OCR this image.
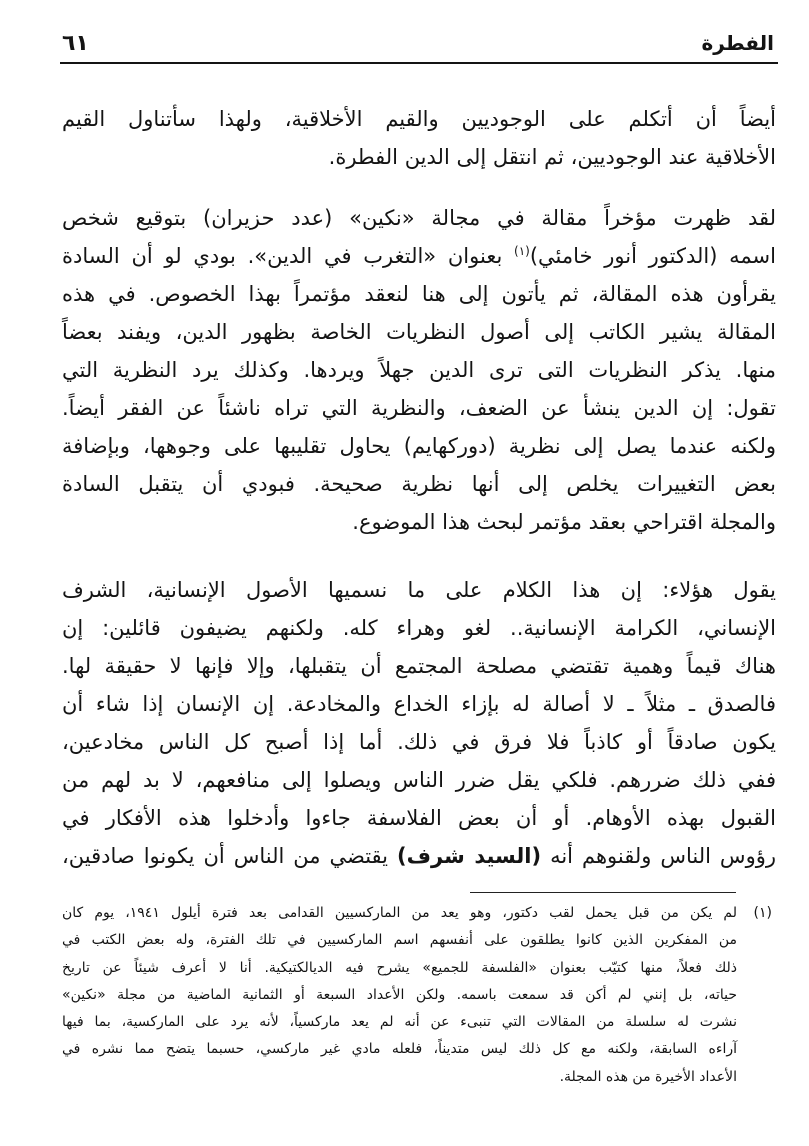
الفطرة
٦١
أيضاً أن أتكلم على الوجوديين والقيم الأخلاقية، ولهذا سأتناول القيم
الأخلاقية عند الوجوديين، ثم انتقل إلى الدين الفطرة.
لقد ظهرت مؤخراً مقالة في مجالة «نكين» (عدد حزيران) بتوقيع شخص
اسمه (الدكتور أنور خامئي)$^{(١)}$ بعنوان «التغرب في الدين». بودي لو أن السادة
يقرأون هذه المقالة، ثم يأتون إلى هنا لنعقد مؤتمراً بهذا الخصوص. في هذه
المقالة يشير الكاتب إلى أصول النظريات الخاصة بظهور الدين، ويفند بعضاً
منها. يذكر النظريات التى ترى الدين جهلاً ويردها. وكذلك يرد النظرية التي
تقول: إن الدين ينشأ عن الضعف، والنظرية التي تراه ناشئاً عن الفقر أيضاً.
ولكنه عندما يصل إلى نظرية (دوركهايم) يحاول تقليبها على وجوهها، وبإضافة
بعض التغييرات يخلص إلى أنها نظرية صحيحة. فبودي أن يتقبل السادة
والمجلة اقتراحي بعقد مؤتمر لبحث هذا الموضوع.
يقول هؤلاء: إن هذا الكلام على ما نسميها الأصول الإنسانية، الشرف
الإنساني، الكرامة الإنسانية.. لغو وهراء كله. ولكنهم يضيفون قائلين: إن
هناك قيماً وهمية تقتضي مصلحة المجتمع أن يتقبلها، وإلا فإنها لا حقيقة لها.
فالصدق ـ مثلاً ـ لا أصالة له بإزاء الخداع والمخادعة. إن الإنسان إذا شاء أن
يكون صادقاً أو كاذباً فلا فرق في ذلك. أما إذا أصبح كل الناس مخادعين،
ففي ذلك ضررهم. فلكي يقل ضرر الناس ويصلوا إلى منافعهم، لا بد لهم من
القبول بهذه الأوهام. أو أن بعض الفلاسفة جاءوا وأدخلوا هذه الأفكار في
رؤوس الناس ولقنوهم أنه (السيد شرف) يقتضي من الناس أن يكونوا صادقين،
(١)
لم يكن من قبل يحمل لقب دكتور، وهو يعد من الماركسيين القدامى بعد فترة أيلول ١٩٤١، يوم كان
من المفكرين الذين كانوا يطلقون على أنفسهم اسم الماركسيين في تلك الفترة، وله بعض الكتب في
ذلك فعلاً، منها كتيّب بعنوان «الفلسفة للجميع» يشرح فيه الديالكتيكية. أنا لا أعرف شيئاً عن تاريخ
حياته، بل إنني لم أكن قد سمعت باسمه. ولكن الأعداد السبعة أو الثمانية الماضية من مجلة «نكين»
نشرت له سلسلة من المقالات التي تنبىء عن أنه لم يعد ماركسياً، لأنه يرد على الماركسية، بما فيها
آراءه السابقة، ولكنه مع كل ذلك ليس متديناً، فلعله مادي غير ماركسي، حسبما يتضح مما نشره في
الأعداد الأخيرة من هذه المجلة.
